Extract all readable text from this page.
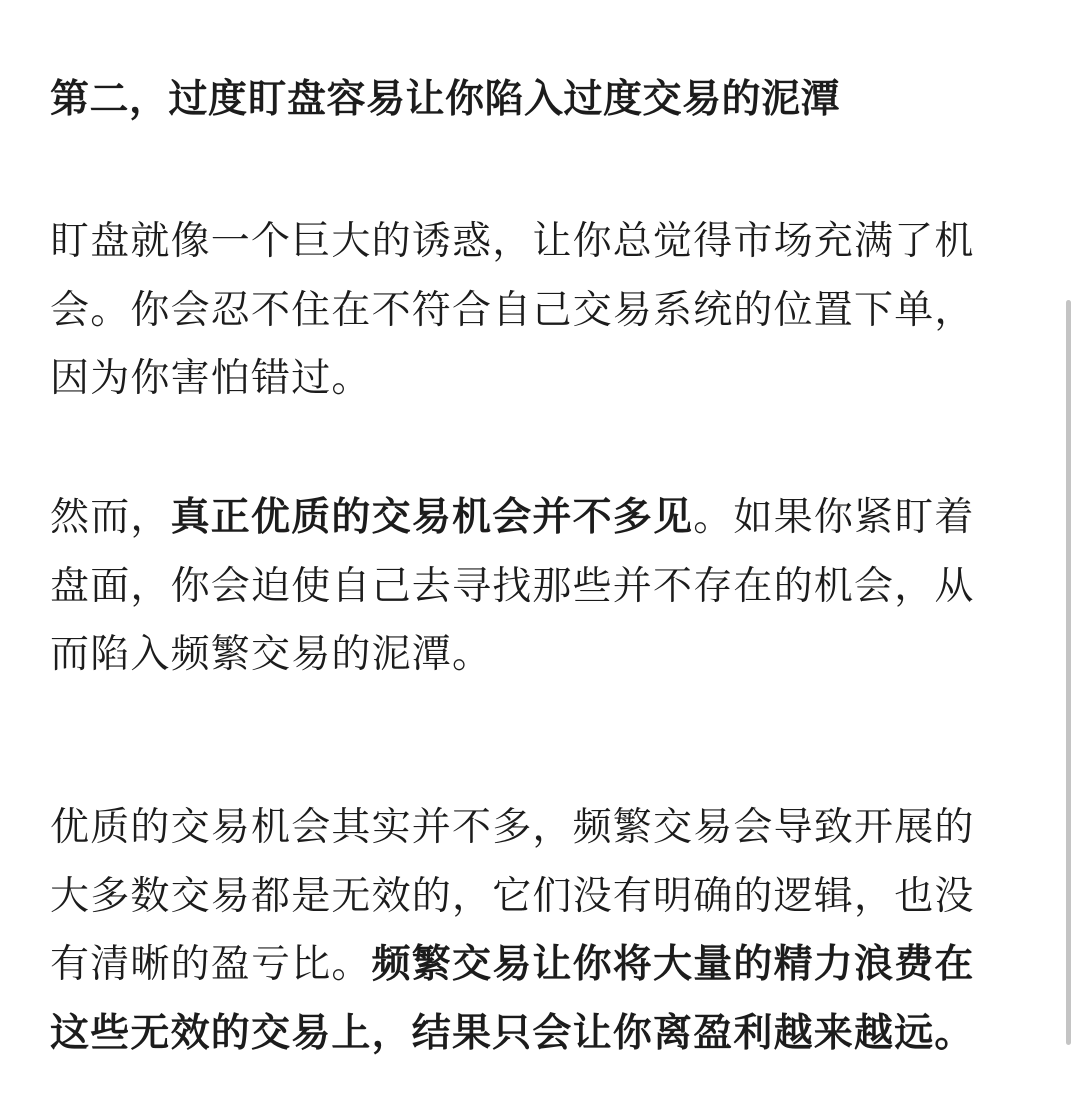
第二，过度盯盘容易让你陷入过度交易的泥潭

盯盘就像一个巨大的诱惑，让你总觉得市场充满了机
会。你会忍不住在不符合自己交易系统的位置下单，
因为你害怕错过。

然而，真正优质的交易机会并不多见。如果你紧盯着
盘面，你会迫使自己去寻找那些并不存在的机会，从
而陷入频繁交易的泥潭。

优质的交易机会其实并不多，频繁交易会导致开展的
大多数交易都是无效的，它们没有明确的逻辑，也没
有清晰的盈亏比。频繁交易让你将大量的精力浪费在
这些无效的交易上，结果只会让你离盈利越来越远。
